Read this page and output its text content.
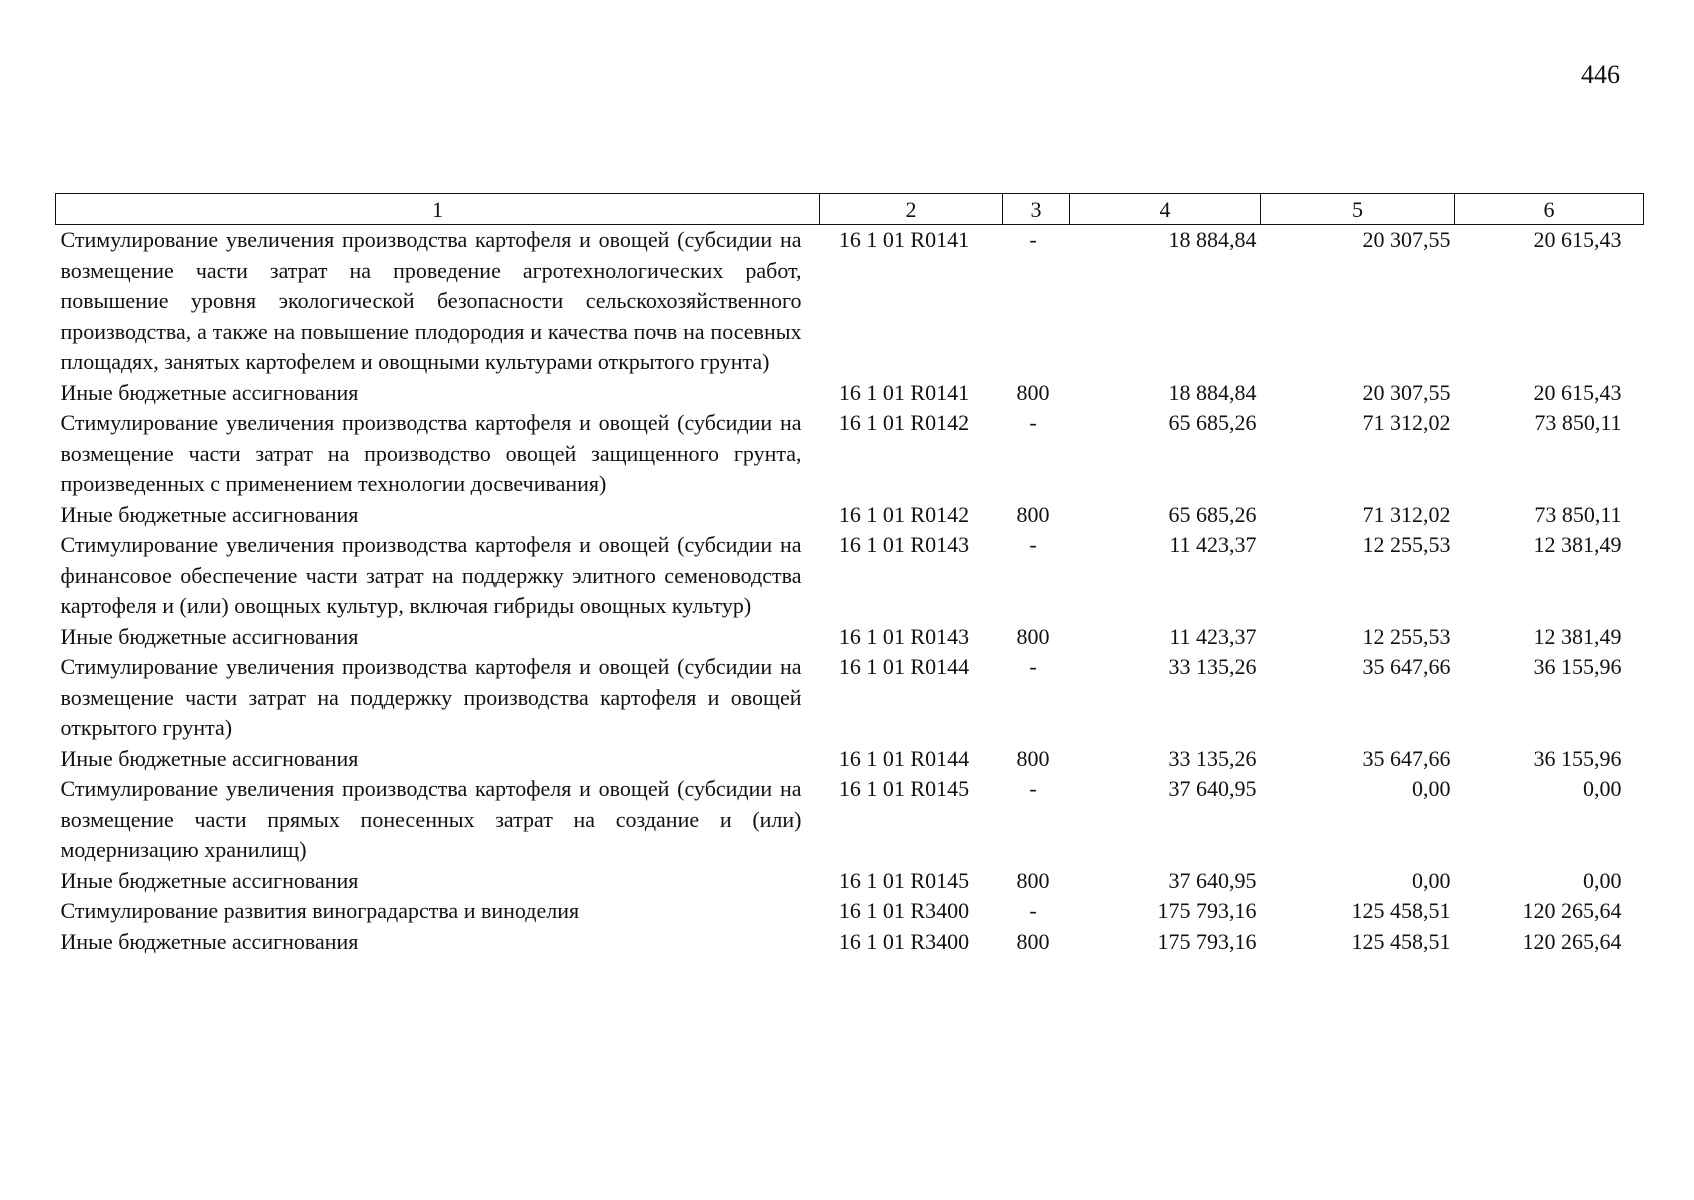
446
1	2	3	4	5	6
Стимулирование увеличения производства картофеля и овощей (субсидии на возмещение части затрат на проведение агротехнологических работ, повышение уровня экологической безопасности сельскохозяйственного производства, а также на повышение плодородия и качества почв на посевных площадях, занятых картофелем и овощными культурами открытого грунта)	16 1 01 R0141	-	18 884,84	20 307,55	20 615,43
Иные бюджетные ассигнования	16 1 01 R0141	800	18 884,84	20 307,55	20 615,43
Стимулирование увеличения производства картофеля и овощей (субсидии на возмещение части затрат на производство овощей защищенного грунта, произведенных с применением технологии досвечивания)	16 1 01 R0142	-	65 685,26	71 312,02	73 850,11
Иные бюджетные ассигнования	16 1 01 R0142	800	65 685,26	71 312,02	73 850,11
Стимулирование увеличения производства картофеля и овощей (субсидии на финансовое обеспечение части затрат на поддержку элитного семеноводства картофеля и (или) овощных культур, включая гибриды овощных культур)	16 1 01 R0143	-	11 423,37	12 255,53	12 381,49
Иные бюджетные ассигнования	16 1 01 R0143	800	11 423,37	12 255,53	12 381,49
Стимулирование увеличения производства картофеля и овощей (субсидии на возмещение части затрат на поддержку производства картофеля и овощей открытого грунта)	16 1 01 R0144	-	33 135,26	35 647,66	36 155,96
Иные бюджетные ассигнования	16 1 01 R0144	800	33 135,26	35 647,66	36 155,96
Стимулирование увеличения производства картофеля и овощей (субсидии на возмещение части прямых понесенных затрат на создание и (или) модернизацию хранилищ)	16 1 01 R0145	-	37 640,95	0,00	0,00
Иные бюджетные ассигнования	16 1 01 R0145	800	37 640,95	0,00	0,00
Стимулирование развития виноградарства и виноделия	16 1 01 R3400	-	175 793,16	125 458,51	120 265,64
Иные бюджетные ассигнования	16 1 01 R3400	800	175 793,16	125 458,51	120 265,64
